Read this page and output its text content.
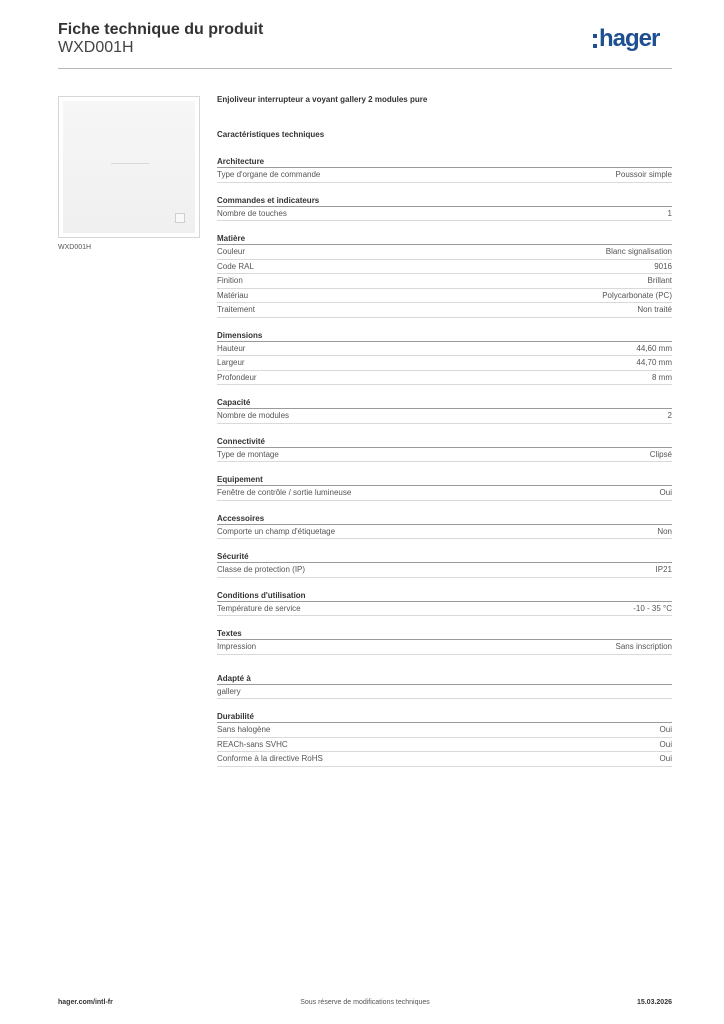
Fiche technique du produit
WXD001H	hager
WXD001H
Enjoliveur interrupteur a voyant gallery 2 modules pure
Caractéristiques techniques
Architecture
Type d'organe de commande	Poussoir simple
Commandes et indicateurs
Nombre de touches	1
Matière
Couleur	Blanc signalisation
Code RAL	9016
Finition	Brillant
Matériau	Polycarbonate (PC)
Traitement	Non traité
Dimensions
Hauteur	44,60 mm
Largeur	44,70 mm
Profondeur	8 mm
Capacité
Nombre de modules	2
Connectivité
Type de montage	Clipsé
Equipement
Fenêtre de contrôle / sortie lumineuse	Oui
Accessoires
Comporte un champ d'étiquetage	Non
Sécurité
Classe de protection (IP)	IP21
Conditions d'utilisation
Température de service	-10 - 35 °C
Textes
Impression	Sans inscription
Adapté à
gallery
Durabilité
Sans halogène	Oui
REACh-sans SVHC	Oui
Conforme à la directive RoHS	Oui
hager.com/intl-fr	Sous réserve de modifications techniques	15.03.2026
